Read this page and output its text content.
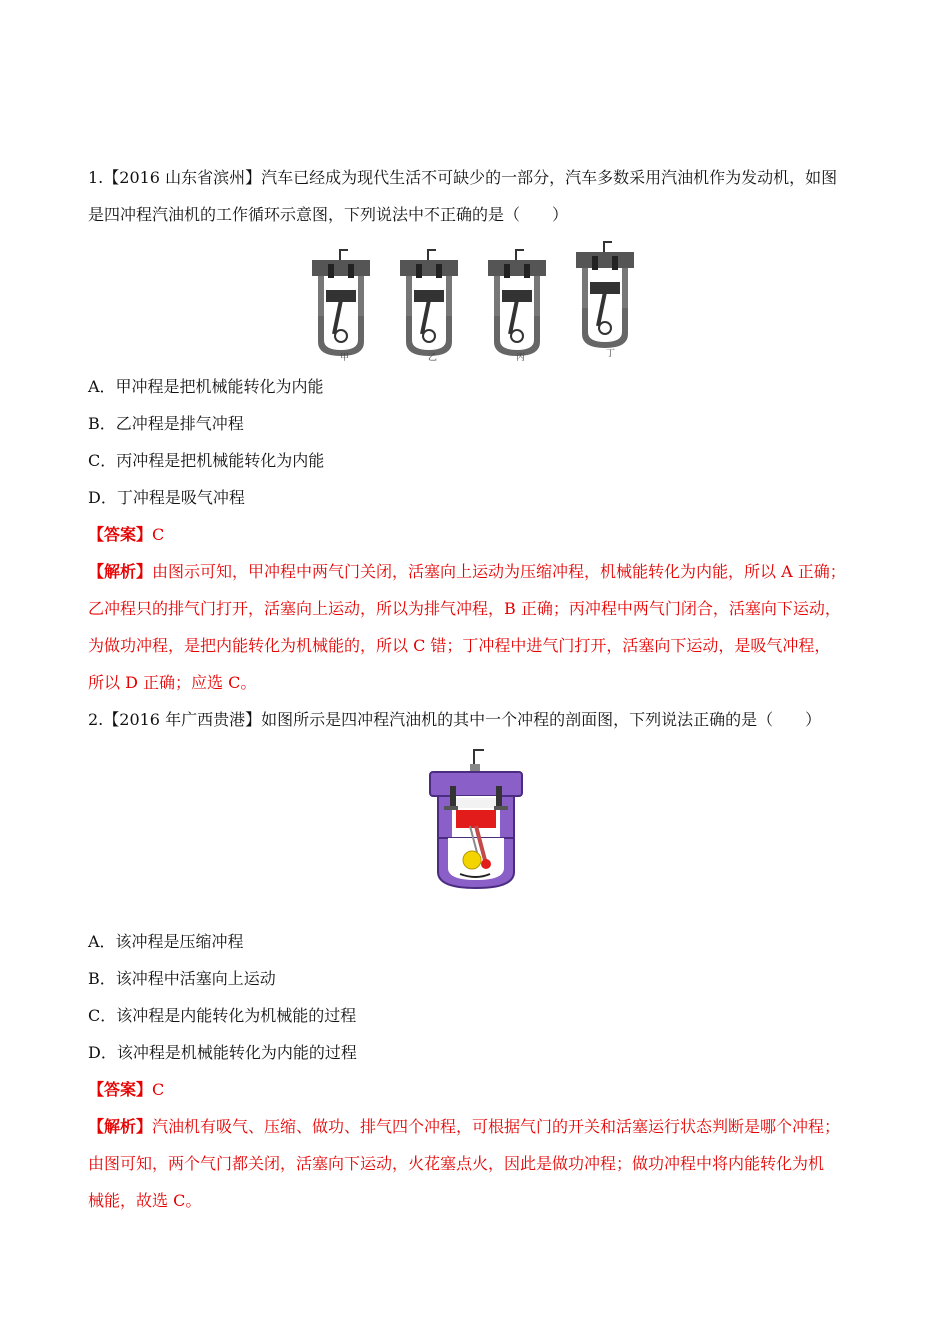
1.【2016 山东省滨州】汽车已经成为现代生活不可缺少的一部分，汽车多数采用汽油机作为发动机，如图
是四冲程汽油机的工作循环示意图，下列说法中不正确的是（　　）
甲	乙	丙	丁
A．甲冲程是把机械能转化为内能
B．乙冲程是排气冲程
C．丙冲程是把机械能转化为内能
D．丁冲程是吸气冲程
【答案】C
【解析】由图示可知，甲冲程中两气门关闭，活塞向上运动为压缩冲程，机械能转化为内能，所以 A 正确；
乙冲程只的排气门打开，活塞向上运动，所以为排气冲程，B 正确；丙冲程中两气门闭合，活塞向下运动，
为做功冲程，是把内能转化为机械能的，所以 C 错；丁冲程中进气门打开，活塞向下运动，是吸气冲程，
所以 D 正确；应选 C。
2.【2016 年广西贵港】如图所示是四冲程汽油机的其中一个冲程的剖面图，下列说法正确的是（　　）
A．该冲程是压缩冲程
B．该冲程中活塞向上运动
C．该冲程是内能转化为机械能的过程
D．该冲程是机械能转化为内能的过程
【答案】C
【解析】汽油机有吸气、压缩、做功、排气四个冲程，可根据气门的开关和活塞运行状态判断是哪个冲程；
由图可知，两个气门都关闭，活塞向下运动，火花塞点火，因此是做功冲程；做功冲程中将内能转化为机
械能，故选 C。
